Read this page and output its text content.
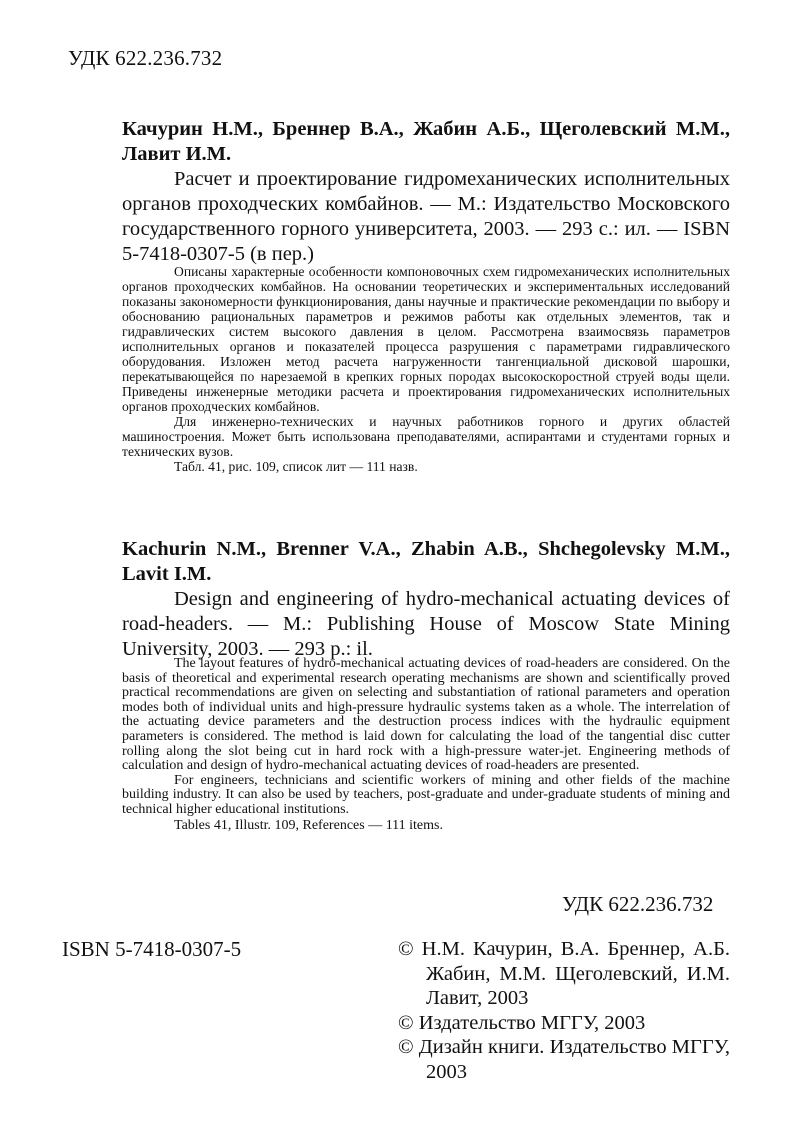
УДК 622.236.732
Качурин Н.М., Бреннер В.А., Жабин А.Б., Щеголевский М.М., Лавит И.М.
Расчет и проектирование гидромеханических исполнительных органов проходческих комбайнов. — М.: Издательство Московского государственного горного университета, 2003. — 293 с.: ил. — ISBN 5-7418-0307-5 (в пер.)

Описаны характерные особенности компоновочных схем гидромеханических исполнительных органов проходческих комбайнов. На основании теоретических и экспериментальных исследований показаны закономерности функционирования, даны научные и практические рекомендации по выбору и обоснованию рациональных параметров и режимов работы как отдельных элементов, так и гидравлических систем высокого давления в целом. Рассмотрена взаимосвязь параметров исполнительных органов и показателей процесса разрушения с параметрами гидравлического оборудования. Изложен метод расчета нагруженности тангенциальной дисковой шарошки, перекатывающейся по нарезаемой в крепких горных породах высокоскоростной струей воды щели. Приведены инженерные методики расчета и проектирования гидромеханических исполнительных органов проходческих комбайнов.

Для инженерно-технических и научных работников горного и других областей машиностроения. Может быть использована преподавателями, аспирантами и студентами горных и технических вузов.

Табл. 41, рис. 109, список лит — 111 назв.
Kachurin N.M., Brenner V.A., Zhabin A.B., Shchegolevsky M.M., Lavit I.M.
Design and engineering of hydro-mechanical actuating devices of road-headers. — M.: Publishing House of Moscow State Mining University, 2003. — 293 p.: il.

The layout features of hydro-mechanical actuating devices of road-headers are considered. On the basis of theoretical and experimental research operating mechanisms are shown and scientifically proved practical recommendations are given on selecting and substantiation of rational parameters and operation modes both of individual units and high-pressure hydraulic systems taken as a whole. The interrelation of the actuating device parameters and the destruction process indices with the hydraulic equipment parameters is considered. The method is laid down for calculating the load of the tangential disc cutter rolling along the slot being cut in hard rock with a high-pressure water-jet. Engineering methods of calculation and design of hydro-mechanical actuating devices of road-headers are presented.

For engineers, technicians and scientific workers of mining and other fields of the machine building industry. It can also be used by teachers, post-graduate and under-graduate students of mining and technical higher educational institutions.

Tables 41, Illustr. 109, References — 111 items.
УДК 622.236.732
ISBN 5-7418-0307-5	© Н.М. Качурин, В.А. Бреннер, А.Б. Жабин, М.М. Щеголевский, И.М. Лавит, 2003
© Издательство МГГУ, 2003
© Дизайн книги. Издательство МГГУ, 2003
